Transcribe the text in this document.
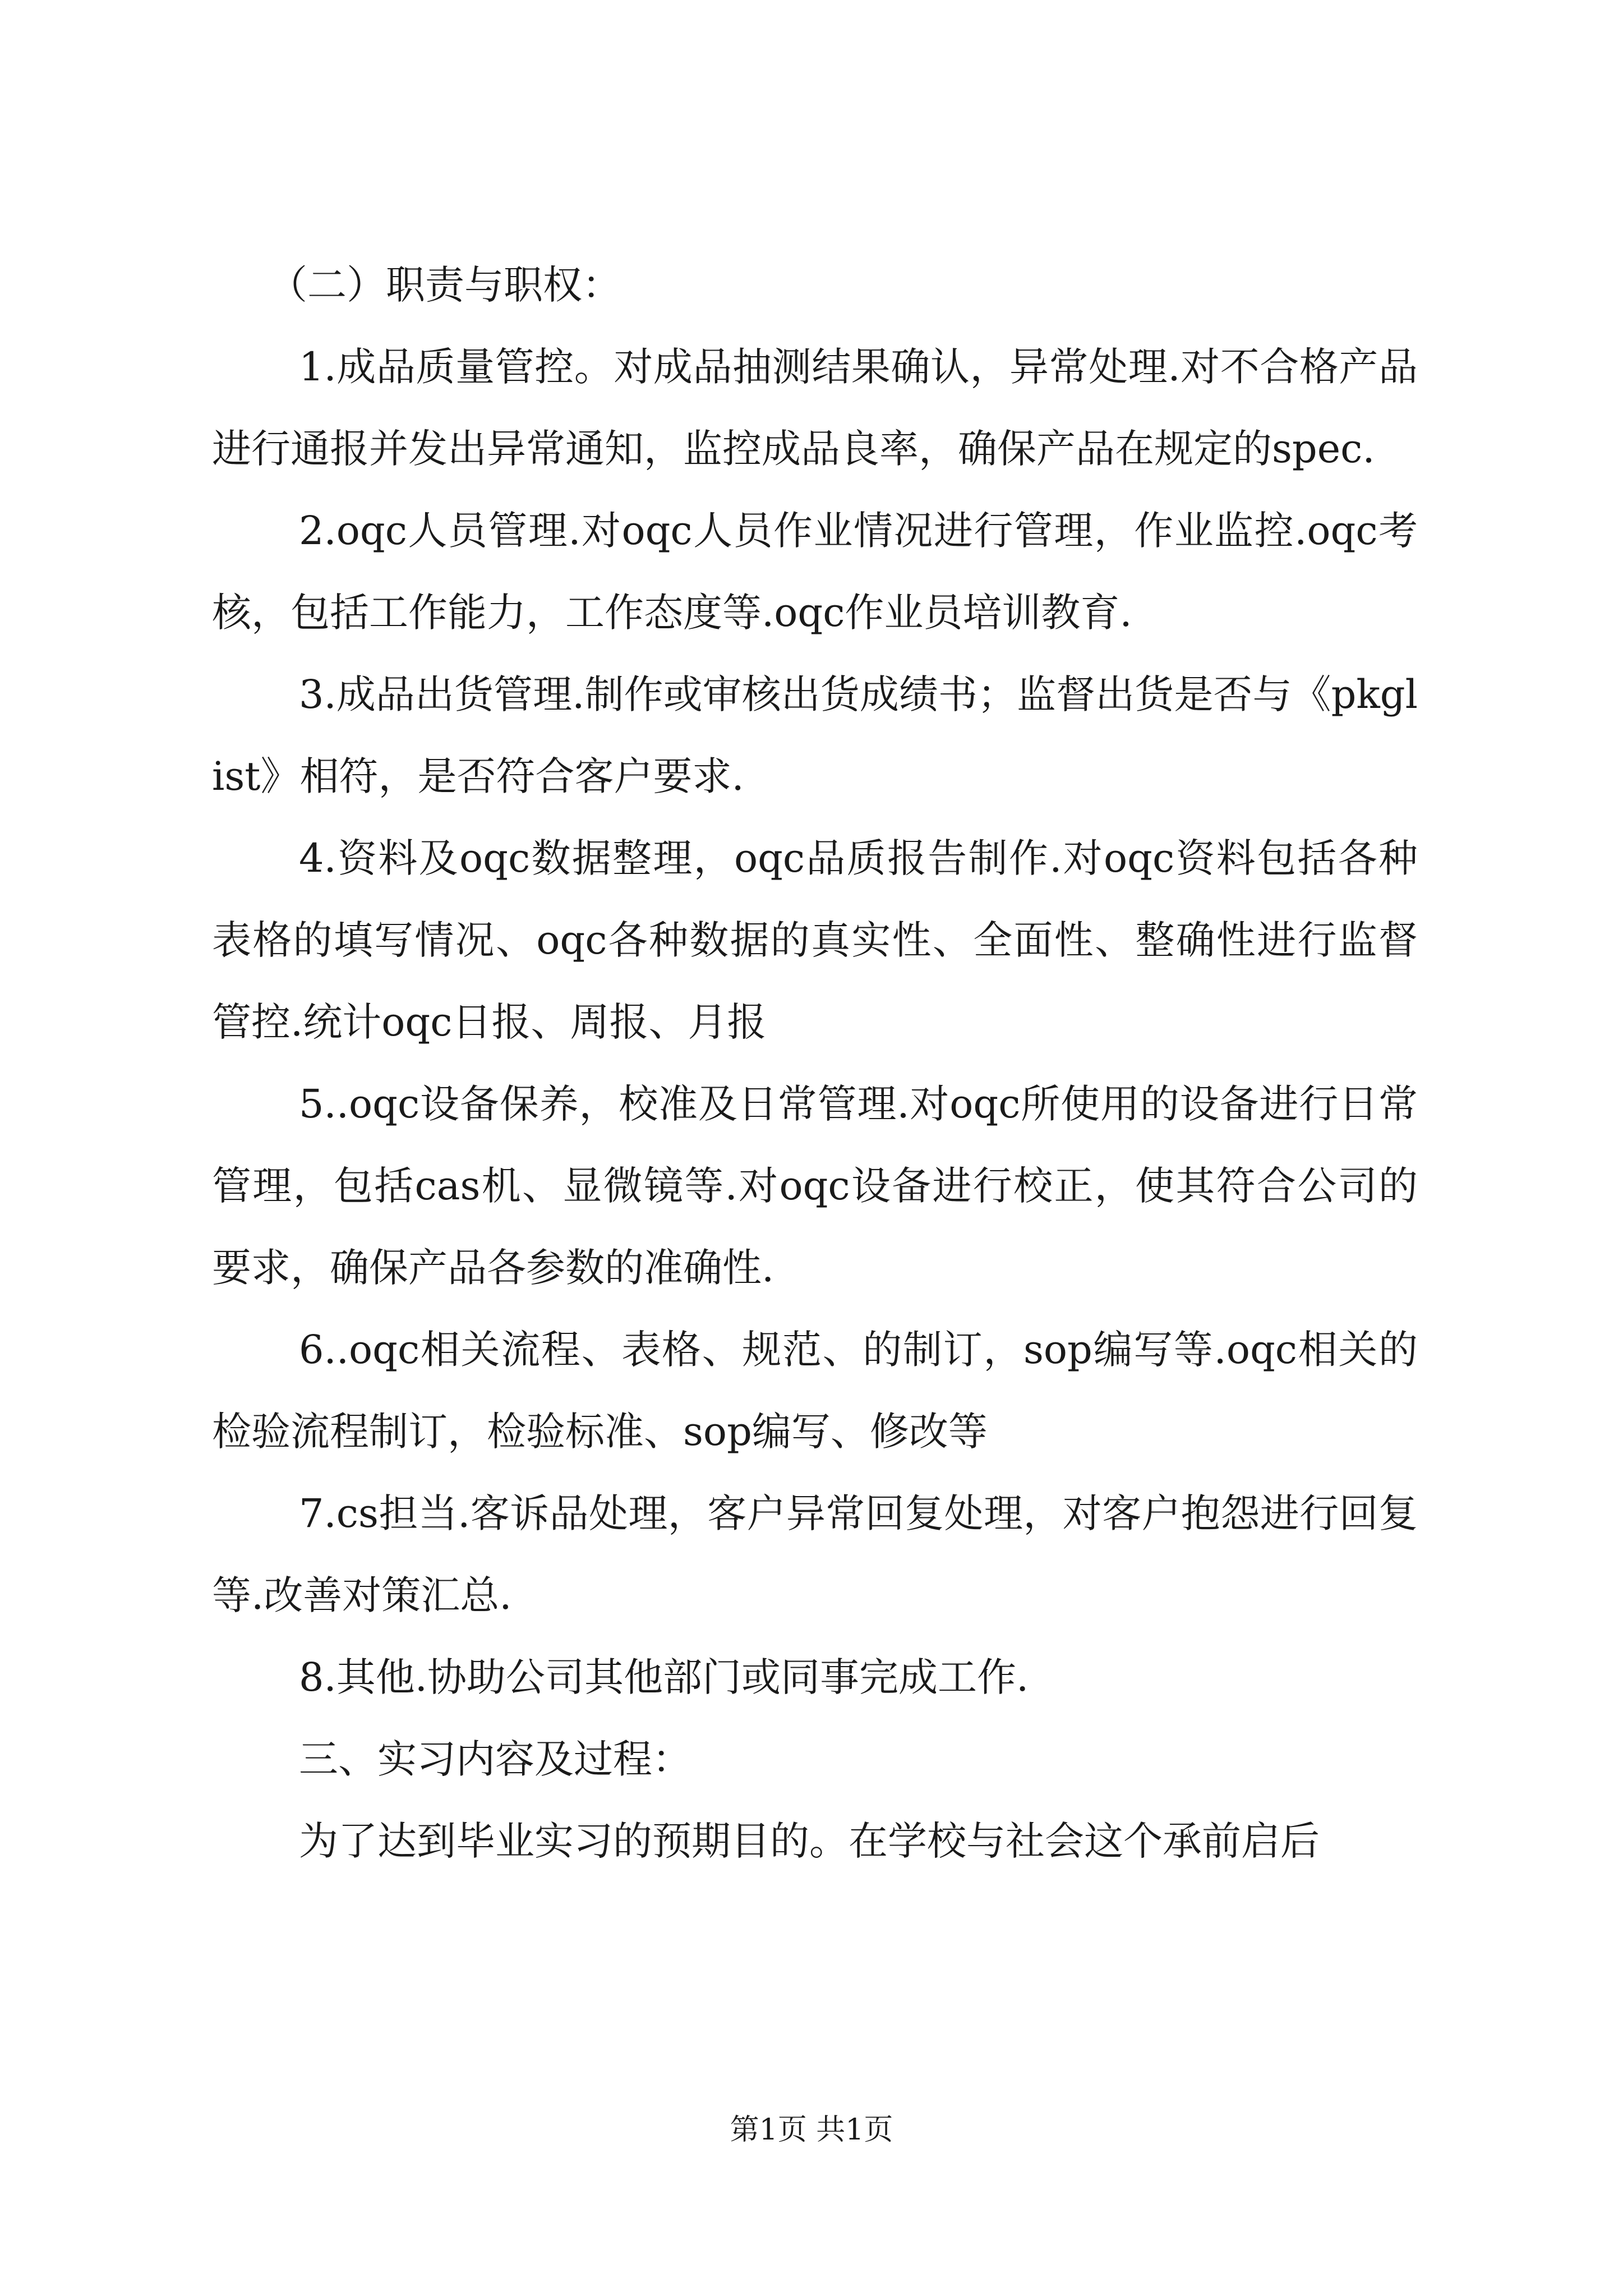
（二）职责与职权：

1.成品质量管控。对成品抽测结果确认，异常处理.对不合格产品进行通报并发出异常通知，监控成品良率，确保产品在规定的spec.

2.oqc人员管理.对oqc人员作业情况进行管理，作业监控.oqc考核，包括工作能力，工作态度等.oqc作业员培训教育.

3.成品出货管理.制作或审核出货成绩书；监督出货是否与《pkglist》相符，是否符合客户要求.

4.资料及oqc数据整理，oqc品质报告制作.对oqc资料包括各种表格的填写情况、oqc各种数据的真实性、全面性、整确性进行监督管控.统计oqc日报、周报、月报

5..oqc设备保养，校准及日常管理.对oqc所使用的设备进行日常管理，包括cas机、显微镜等.对oqc设备进行校正，使其符合公司的要求，确保产品各参数的准确性.

6..oqc相关流程、表格、规范、的制订，sop编写等.oqc相关的检验流程制订，检验标准、sop编写、修改等

7.cs担当.客诉品处理，客户异常回复处理，对客户抱怨进行回复等.改善对策汇总.

8.其他.协助公司其他部门或同事完成工作.

三、实习内容及过程：

为了达到毕业实习的预期目的。在学校与社会这个承前启后

第1页 共1页
